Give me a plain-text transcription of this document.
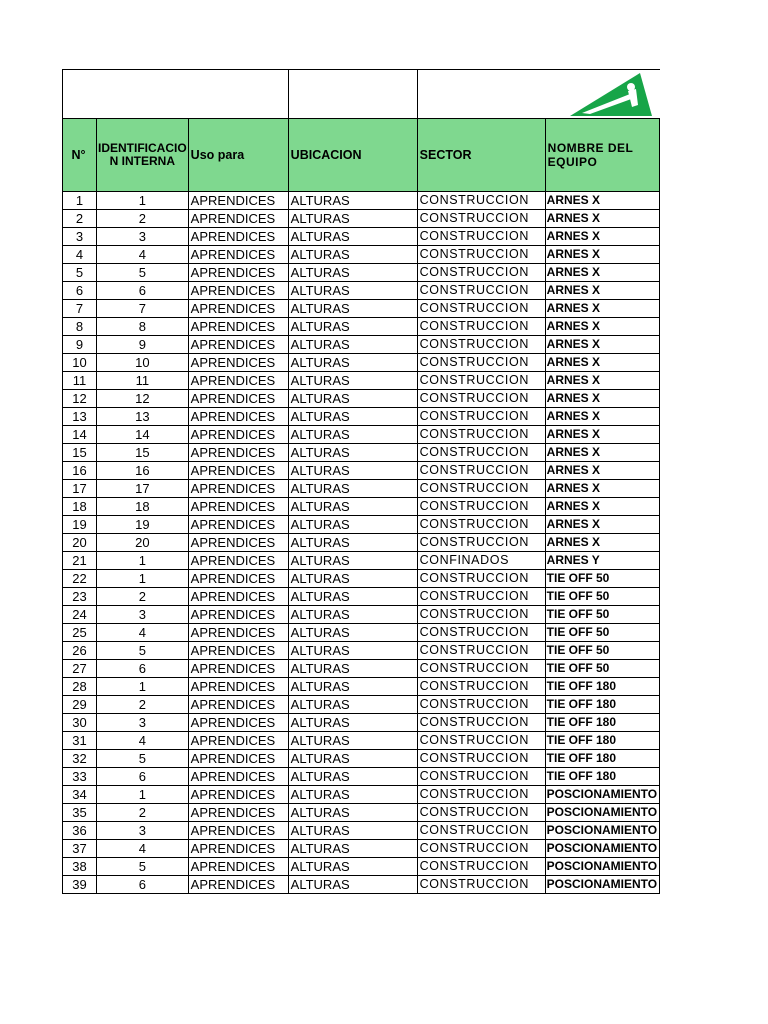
N°	IDENTIFICACIO N INTERNA	Uso para	UBICACION	SECTOR	NOMBRE DEL EQUIPO
1	1	APRENDICES	ALTURAS	CONSTRUCCION	ARNES X
2	2	APRENDICES	ALTURAS	CONSTRUCCION	ARNES X
3	3	APRENDICES	ALTURAS	CONSTRUCCION	ARNES X
4	4	APRENDICES	ALTURAS	CONSTRUCCION	ARNES X
5	5	APRENDICES	ALTURAS	CONSTRUCCION	ARNES X
6	6	APRENDICES	ALTURAS	CONSTRUCCION	ARNES X
7	7	APRENDICES	ALTURAS	CONSTRUCCION	ARNES X
8	8	APRENDICES	ALTURAS	CONSTRUCCION	ARNES X
9	9	APRENDICES	ALTURAS	CONSTRUCCION	ARNES X
10	10	APRENDICES	ALTURAS	CONSTRUCCION	ARNES X
11	11	APRENDICES	ALTURAS	CONSTRUCCION	ARNES X
12	12	APRENDICES	ALTURAS	CONSTRUCCION	ARNES X
13	13	APRENDICES	ALTURAS	CONSTRUCCION	ARNES X
14	14	APRENDICES	ALTURAS	CONSTRUCCION	ARNES X
15	15	APRENDICES	ALTURAS	CONSTRUCCION	ARNES X
16	16	APRENDICES	ALTURAS	CONSTRUCCION	ARNES X
17	17	APRENDICES	ALTURAS	CONSTRUCCION	ARNES X
18	18	APRENDICES	ALTURAS	CONSTRUCCION	ARNES X
19	19	APRENDICES	ALTURAS	CONSTRUCCION	ARNES X
20	20	APRENDICES	ALTURAS	CONSTRUCCION	ARNES X
21	1	APRENDICES	ALTURAS	CONFINADOS	ARNES Y
22	1	APRENDICES	ALTURAS	CONSTRUCCION	TIE OFF 50
23	2	APRENDICES	ALTURAS	CONSTRUCCION	TIE OFF 50
24	3	APRENDICES	ALTURAS	CONSTRUCCION	TIE OFF 50
25	4	APRENDICES	ALTURAS	CONSTRUCCION	TIE OFF 50
26	5	APRENDICES	ALTURAS	CONSTRUCCION	TIE OFF 50
27	6	APRENDICES	ALTURAS	CONSTRUCCION	TIE OFF 50
28	1	APRENDICES	ALTURAS	CONSTRUCCION	TIE OFF 180
29	2	APRENDICES	ALTURAS	CONSTRUCCION	TIE OFF 180
30	3	APRENDICES	ALTURAS	CONSTRUCCION	TIE OFF 180
31	4	APRENDICES	ALTURAS	CONSTRUCCION	TIE OFF 180
32	5	APRENDICES	ALTURAS	CONSTRUCCION	TIE OFF 180
33	6	APRENDICES	ALTURAS	CONSTRUCCION	TIE OFF 180
34	1	APRENDICES	ALTURAS	CONSTRUCCION	POSCIONAMIENTO
35	2	APRENDICES	ALTURAS	CONSTRUCCION	POSCIONAMIENTO
36	3	APRENDICES	ALTURAS	CONSTRUCCION	POSCIONAMIENTO
37	4	APRENDICES	ALTURAS	CONSTRUCCION	POSCIONAMIENTO
38	5	APRENDICES	ALTURAS	CONSTRUCCION	POSCIONAMIENTO
39	6	APRENDICES	ALTURAS	CONSTRUCCION	POSCIONAMIENTO
